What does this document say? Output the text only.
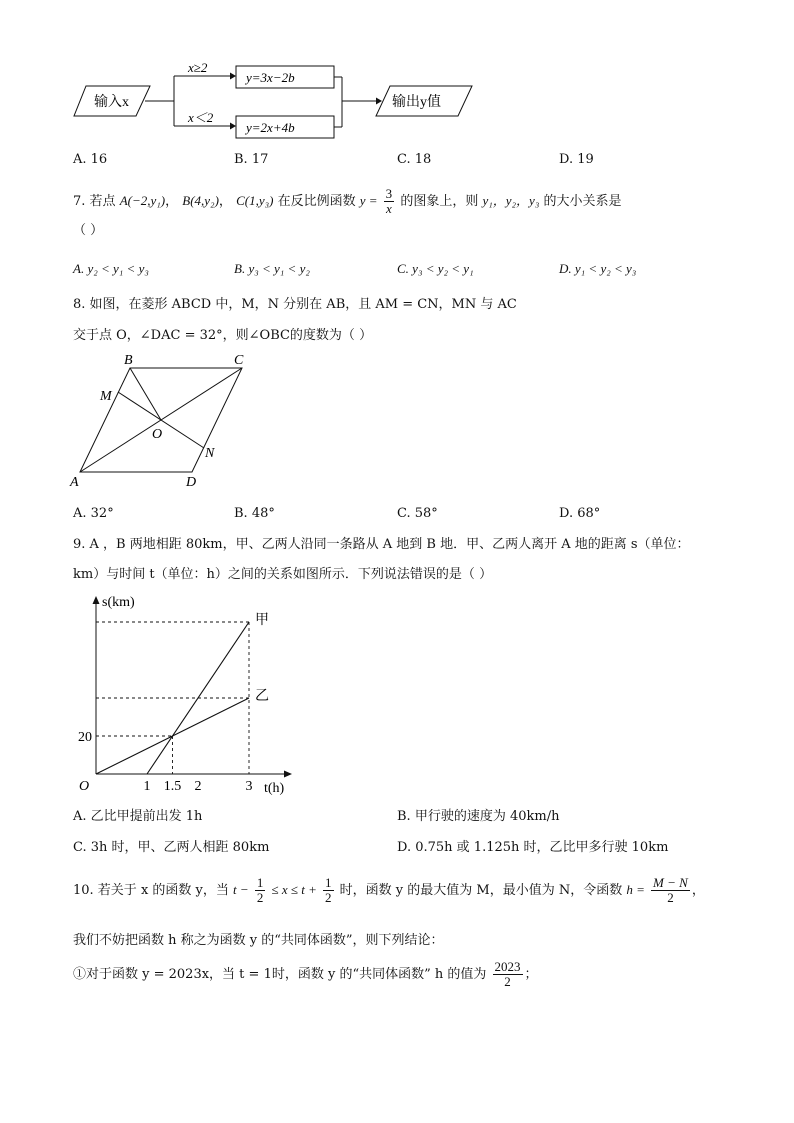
输入x
x≥2
x＜2
y=3x−2b
y=2x+4b
输出y值
A. 16	B. 17	C. 18	D. 19
7. 若点 A(−2,y₁)， B(4,y₂)， C(1,y₃) 在反比例函数 $y = \frac{3}{x}$ 的图象上，则 y₁，y₂，y₃ 的大小关系是
（ ）
A. y₂ < y₁ < y₃	B. y₃ < y₁ < y₂	C. y₃ < y₂ < y₁	D. y₁ < y₂ < y₃
8. 如图，在菱形 ABCD 中，M，N 分别在 AB，且 AM = CN，MN 与 AC
交于点 O，∠DAC = 32°，则∠OBC的度数为（ ）
A
B	C
D
M
N
O
A. 32°	B. 48°	C. 58°	D. 68°
9. A ，B 两地相距 80km，甲、乙两人沿同一条路从 A 地到 B 地．甲、乙两人离开 A 地的距离 s（单位：
km）与时间 t（单位：h）之间的关系如图所示．下列说法错误的是（ ）
s(km)
t(h)
O
甲
乙
1 1.5 2	3
20
A. 乙比甲提前出发 1h	B. 甲行驶的速度为 40km/h
C. 3h 时，甲、乙两人相距 80km	D. 0.75h 或 1.125h 时，乙比甲多行驶 10km
10. 若关于 x 的函数 y，当 $t - \frac{1}{2} \le x \le t + \frac{1}{2}$ 时，函数 y 的最大值为 M，最小值为 N，令函数 $h = \frac{M - N}{2}$ ，
我们不妨把函数 h 称之为函数 y 的“共同体函数”，则下列结论：
①对于函数 y = 2023x，当 t = 1时，函数 y 的“共同体函数” h 的值为 $\frac{2023}{2}$ ；
